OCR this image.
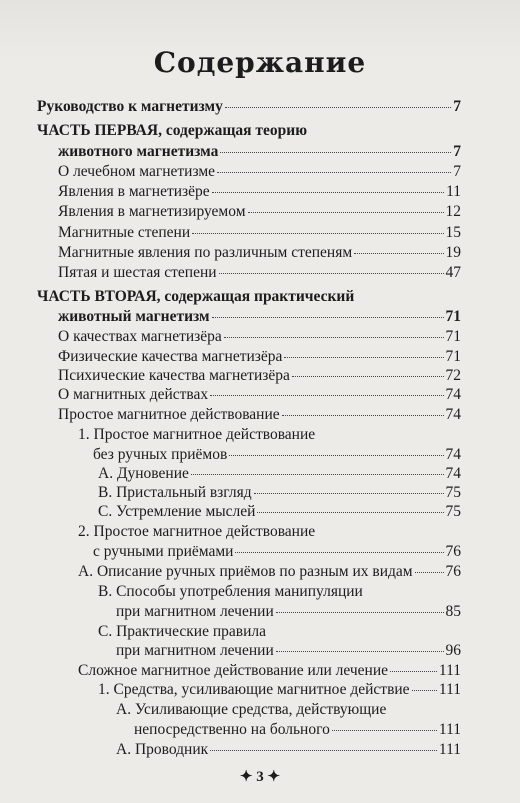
Содержание
Руководство к магнетизму	7
ЧАСТЬ ПЕРВАЯ, содержащая теорию
животного магнетизма	7
О лечебном магнетизме	7
Явления в магнетизёре	11
Явления в магнетизируемом	12
Магнитные степени	15
Магнитные явления по различным степеням	19
Пятая и шестая степени	47
ЧАСТЬ ВТОРАЯ, содержащая практический
животный магнетизм	71
О качествах магнетизёра	71
Физические качества магнетизёра	71
Психические качества магнетизёра	72
О магнитных действах	74
Простое магнитное действование	74
1. Простое магнитное действование
без ручных приёмов	74
A. Дуновение	74
B. Пристальный взгляд	75
C. Устремление мыслей	75
2. Простое магнитное действование
с ручными приёмами	76
A. Описание ручных приёмов по разным их видам 76
B. Способы употребления манипуляции
при магнитном лечении	85
C. Практические правила
при магнитном лечении	96
Сложное магнитное действование или лечение	111
1. Средства, усиливающие магнитное действие 111
A. Усиливающие средства, действующие
непосредственно на больного	111
A. Проводник	111
✦ 3 ✦
